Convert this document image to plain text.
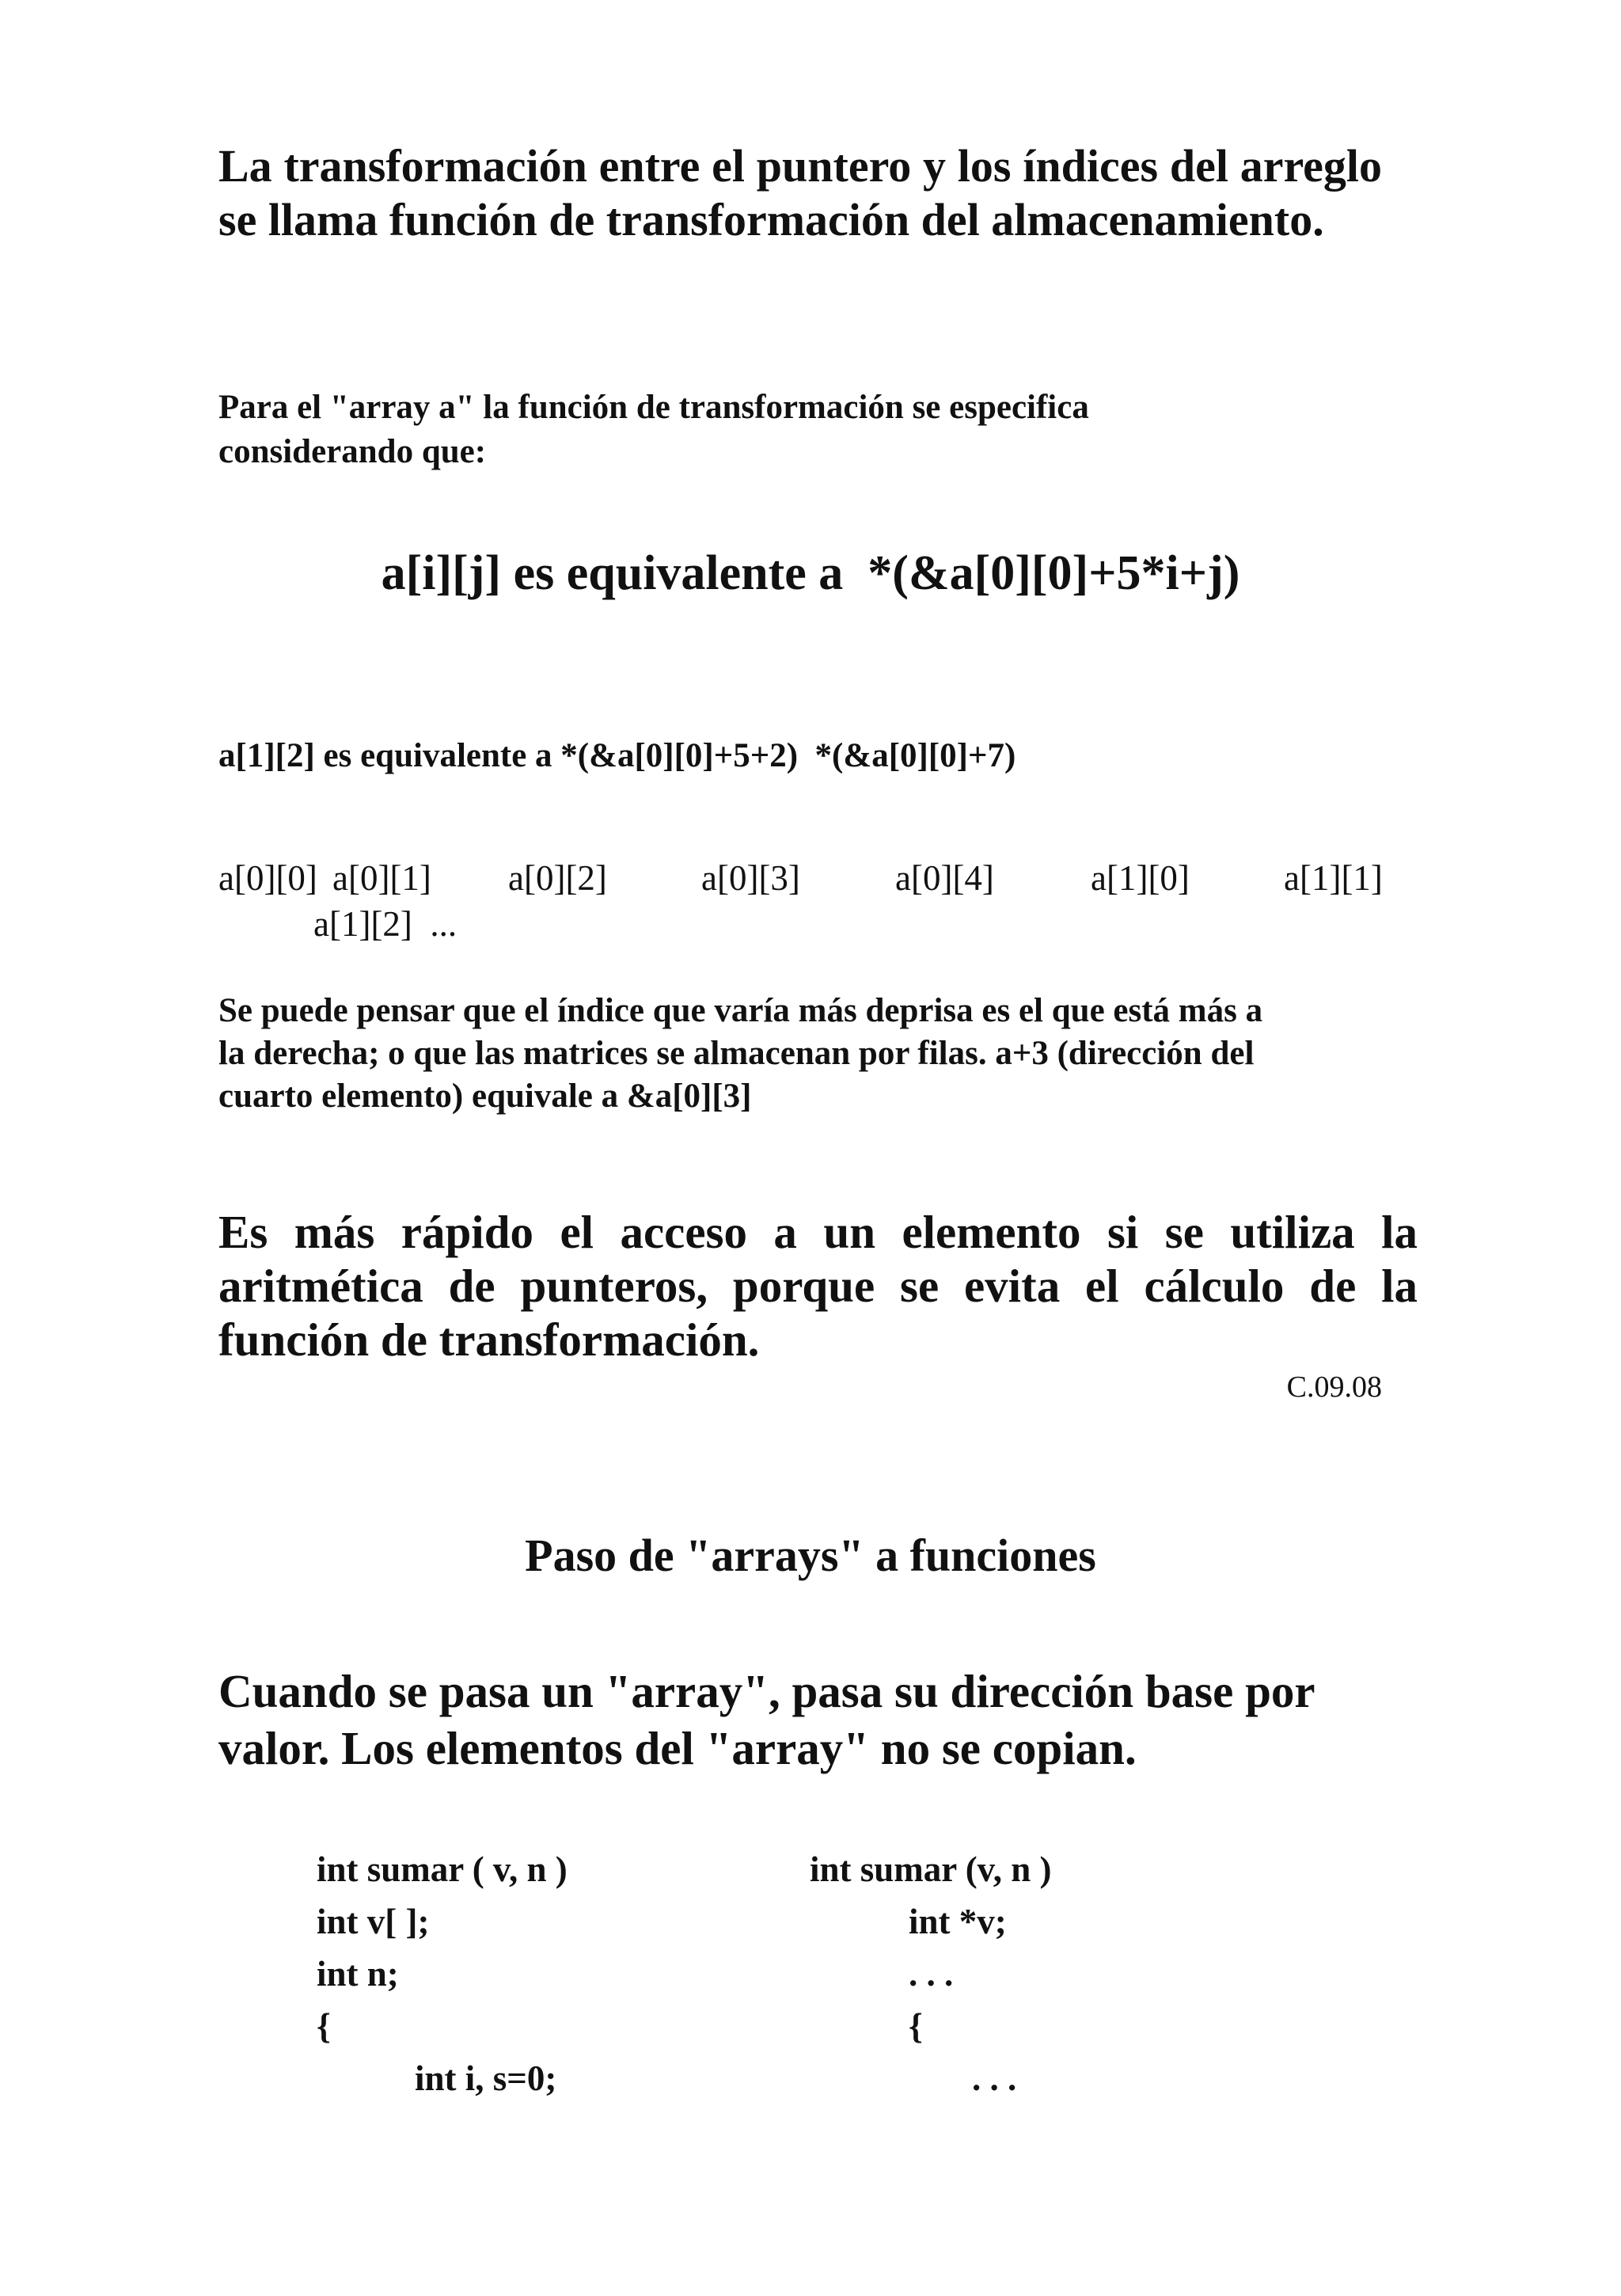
La transformación entre el puntero y los índices del arreglo se llama función de transformación del almacenamiento.

Para el "array a" la función de transformación se especifica
considerando que:
a[i][j] es equivalente a  *(&a[0][0]+5*i+j)
a[1][2] es equivalente a *(&a[0][0]+5+2)  *(&a[0][0]+7)
a[0][0] a[0][1] a[0][2]	a[0][3]	a[0][4]	a[1][0]	a[1][1]
a[1][2]  ...
Se puede pensar que el índice que varía más deprisa es el que está más a
la derecha; o que las matrices se almacenan por filas. a+3 (dirección del
cuarto elemento) equivale a &a[0][3]

Es más rápido el acceso a un elemento si se utiliza la aritmética de punteros, porque se evita el cálculo de la función de transformación.

C.09.08
Paso de "arrays" a funciones

Cuando se pasa un "array", pasa su dirección base por valor. Los elementos del "array" no se copian.

int sumar ( v, n )
int v[ ];
int n;
{
int i, s=0;
int sumar (v, n )
int *v;
. . .
{
. . .
